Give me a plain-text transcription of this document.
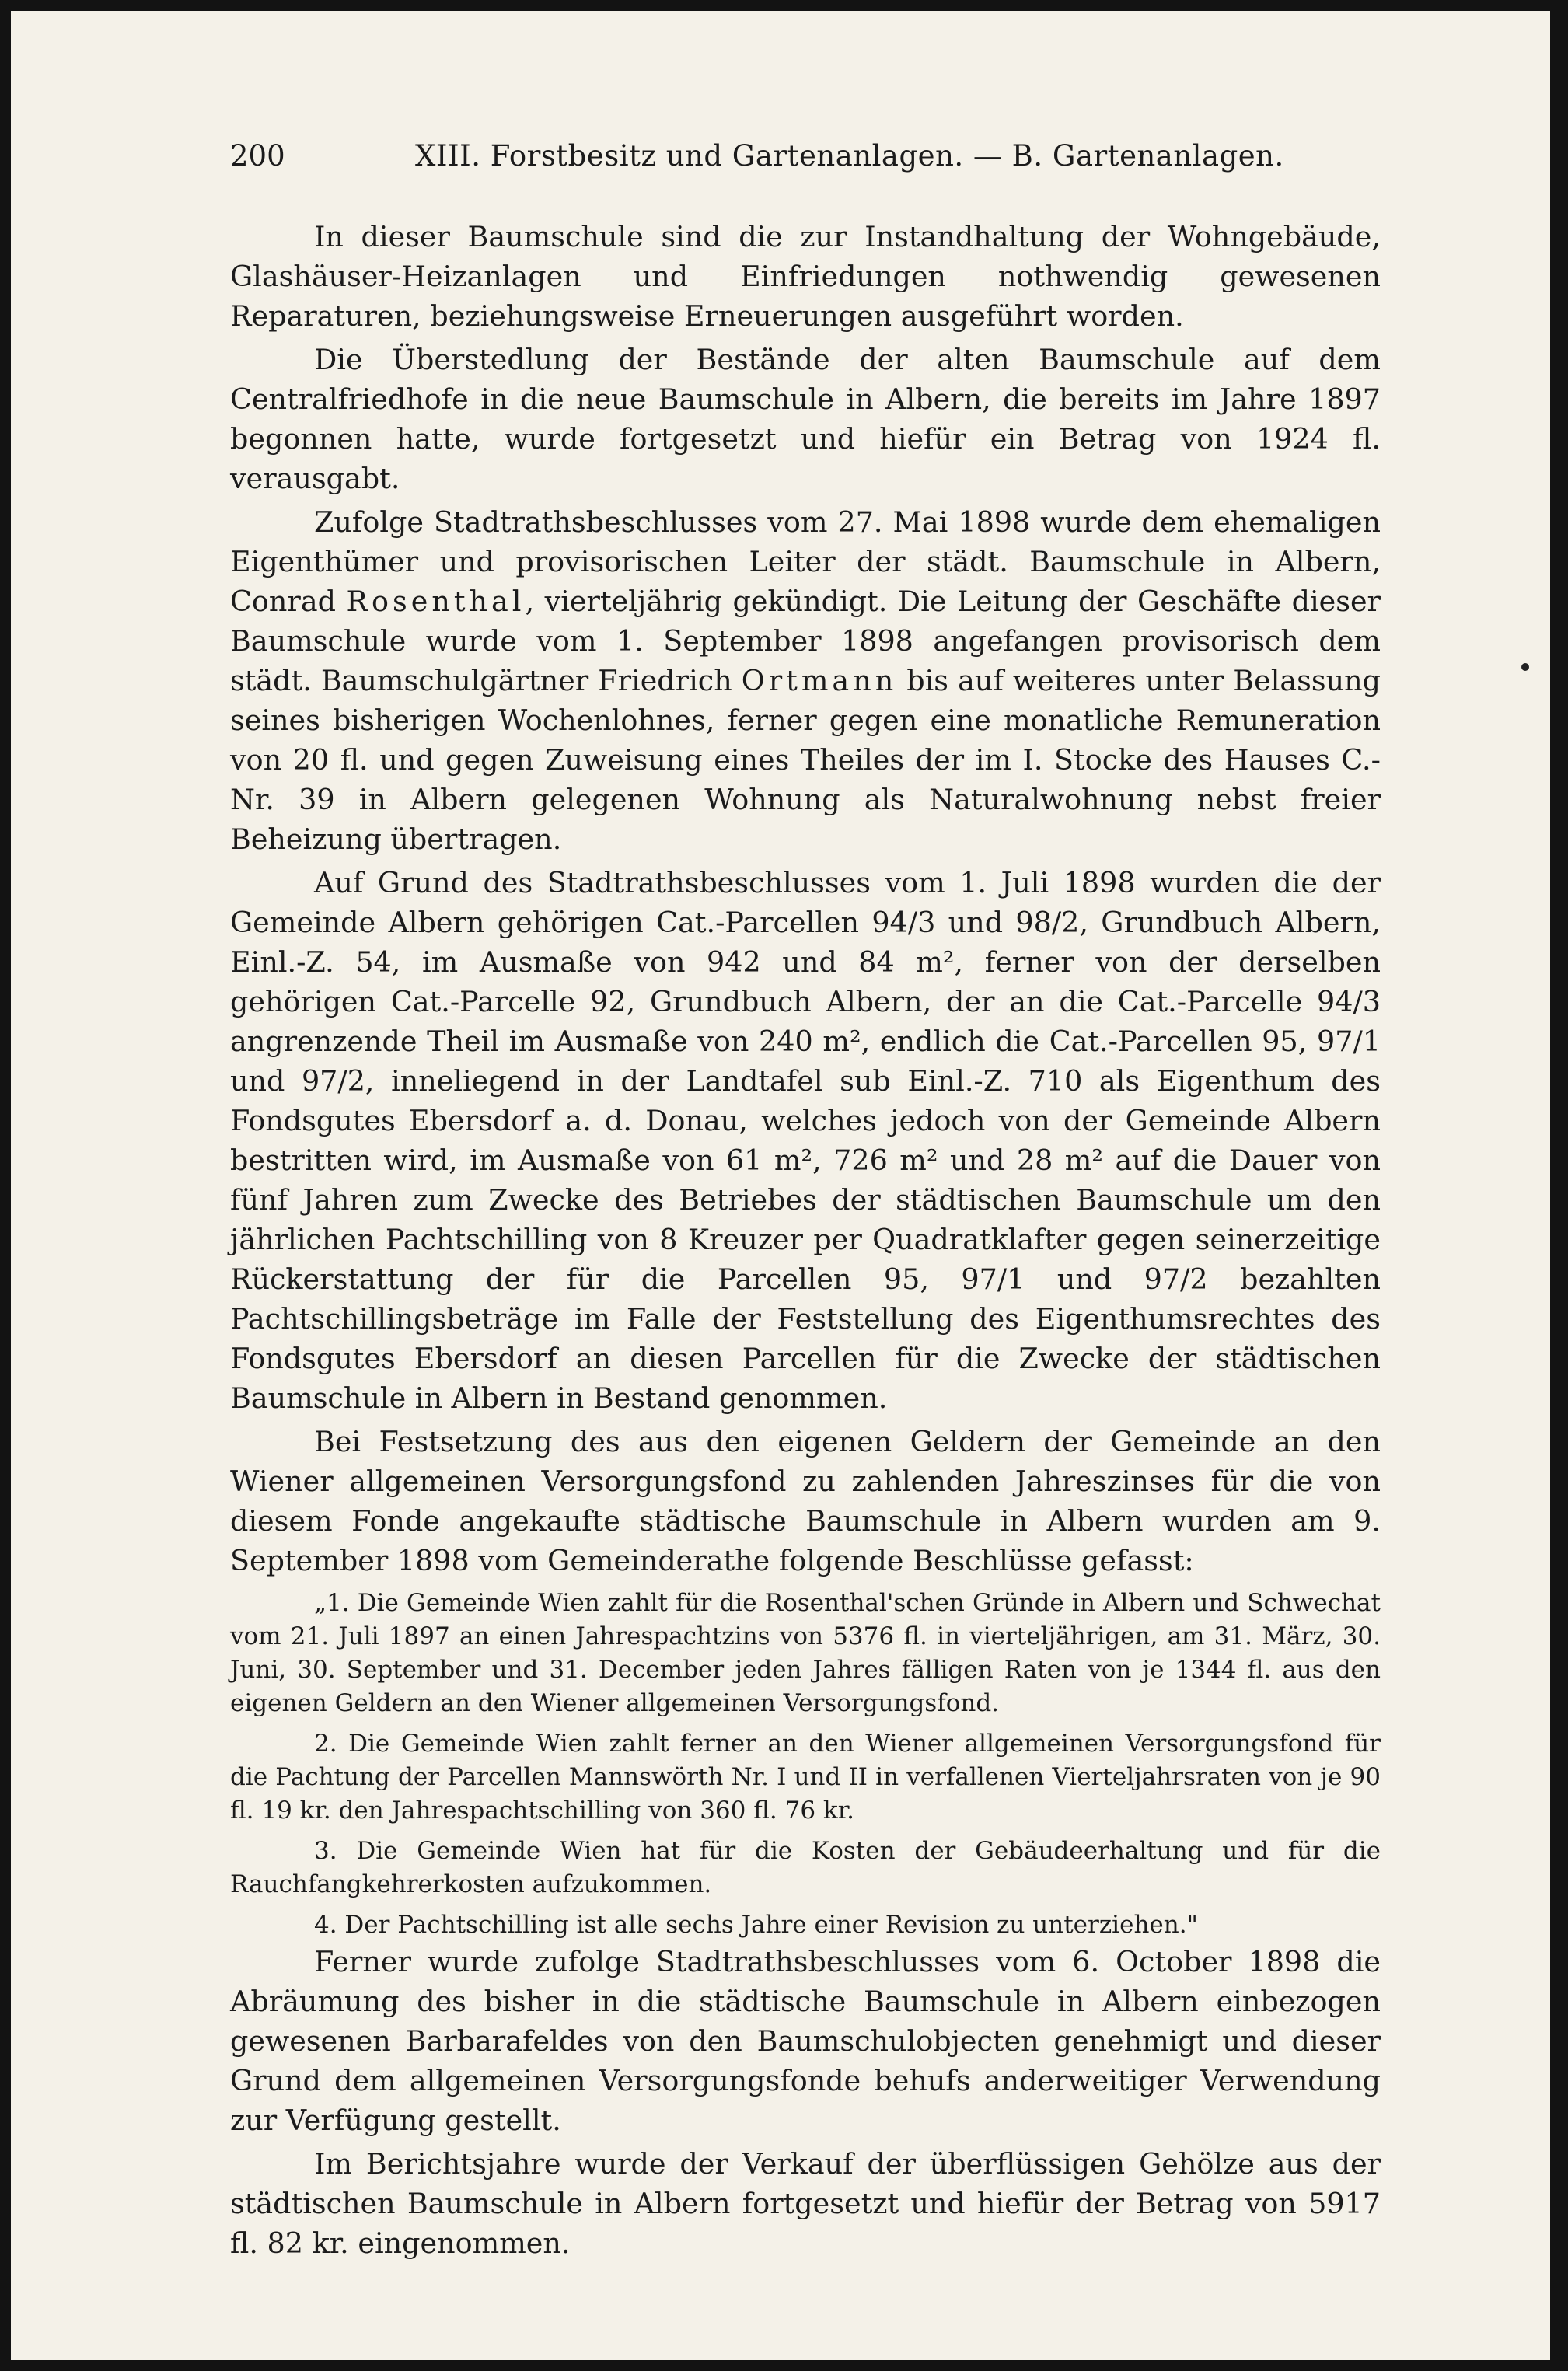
200	XIII. Forstbesitz und Gartenanlagen. — B. Gartenanlagen.

In dieser Baumschule sind die zur Instandhaltung der Wohngebäude, Glashäuser-Heizanlagen und Einfriedungen nothwendig gewesenen Reparaturen, beziehungsweise Erneuerungen ausgeführt worden.

Die Überstedlung der Bestände der alten Baumschule auf dem Centralfriedhofe in die neue Baumschule in Albern, die bereits im Jahre 1897 begonnen hatte, wurde fortgesetzt und hiefür ein Betrag von 1924 fl. verausgabt.

Zufolge Stadtrathsbeschlusses vom 27. Mai 1898 wurde dem ehemaligen Eigenthümer und provisorischen Leiter der städt. Baumschule in Albern, Conrad Rosenthal, vierteljährig gekündigt. Die Leitung der Geschäfte dieser Baumschule wurde vom 1. September 1898 angefangen provisorisch dem städt. Baumschulgärtner Friedrich Ortmann bis auf weiteres unter Belassung seines bisherigen Wochenlohnes, ferner gegen eine monatliche Remuneration von 20 fl. und gegen Zuweisung eines Theiles der im I. Stocke des Hauses C.-Nr. 39 in Albern gelegenen Wohnung als Naturalwohnung nebst freier Beheizung übertragen.

Auf Grund des Stadtrathsbeschlusses vom 1. Juli 1898 wurden die der Gemeinde Albern gehörigen Cat.-Parcellen 94/3 und 98/2, Grundbuch Albern, Einl.-Z. 54, im Ausmaße von 942 und 84 m², ferner von der derselben gehörigen Cat.-Parcelle 92, Grundbuch Albern, der an die Cat.-Parcelle 94/3 angrenzende Theil im Ausmaße von 240 m², endlich die Cat.-Parcellen 95, 97/1 und 97/2, inneliegend in der Landtafel sub Einl.-Z. 710 als Eigenthum des Fondsgutes Ebersdorf a. d. Donau, welches jedoch von der Gemeinde Albern bestritten wird, im Ausmaße von 61 m², 726 m² und 28 m² auf die Dauer von fünf Jahren zum Zwecke des Betriebes der städtischen Baumschule um den jährlichen Pachtschilling von 8 Kreuzer per Quadratklafter gegen seinerzeitige Rückerstattung der für die Parcellen 95, 97/1 und 97/2 bezahlten Pachtschillingsbeträge im Falle der Feststellung des Eigenthumsrechtes des Fondsgutes Ebersdorf an diesen Parcellen für die Zwecke der städtischen Baumschule in Albern in Bestand genommen.

Bei Festsetzung des aus den eigenen Geldern der Gemeinde an den Wiener allgemeinen Versorgungsfond zu zahlenden Jahreszinses für die von diesem Fonde angekaufte städtische Baumschule in Albern wurden am 9. September 1898 vom Gemeinderathe folgende Beschlüsse gefasst:

„1. Die Gemeinde Wien zahlt für die Rosenthal'schen Gründe in Albern und Schwechat vom 21. Juli 1897 an einen Jahrespachtzins von 5376 fl. in vierteljährigen, am 31. März, 30. Juni, 30. September und 31. December jeden Jahres fälligen Raten von je 1344 fl. aus den eigenen Geldern an den Wiener allgemeinen Versorgungsfond.

2. Die Gemeinde Wien zahlt ferner an den Wiener allgemeinen Versorgungsfond für die Pachtung der Parcellen Mannswörth Nr. I und II in verfallenen Vierteljahrsraten von je 90 fl. 19 kr. den Jahrespachtschilling von 360 fl. 76 kr.

3. Die Gemeinde Wien hat für die Kosten der Gebäudeerhaltung und für die Rauchfangkehrerkosten aufzukommen.

4. Der Pachtschilling ist alle sechs Jahre einer Revision zu unterziehen."

Ferner wurde zufolge Stadtrathsbeschlusses vom 6. October 1898 die Abräumung des bisher in die städtische Baumschule in Albern einbezogen gewesenen Barbarafeldes von den Baumschulobjecten genehmigt und dieser Grund dem allgemeinen Versorgungsfonde behufs anderweitiger Verwendung zur Verfügung gestellt.

Im Berichtsjahre wurde der Verkauf der überflüssigen Gehölze aus der städtischen Baumschule in Albern fortgesetzt und hiefür der Betrag von 5917 fl. 82 kr. eingenommen.
